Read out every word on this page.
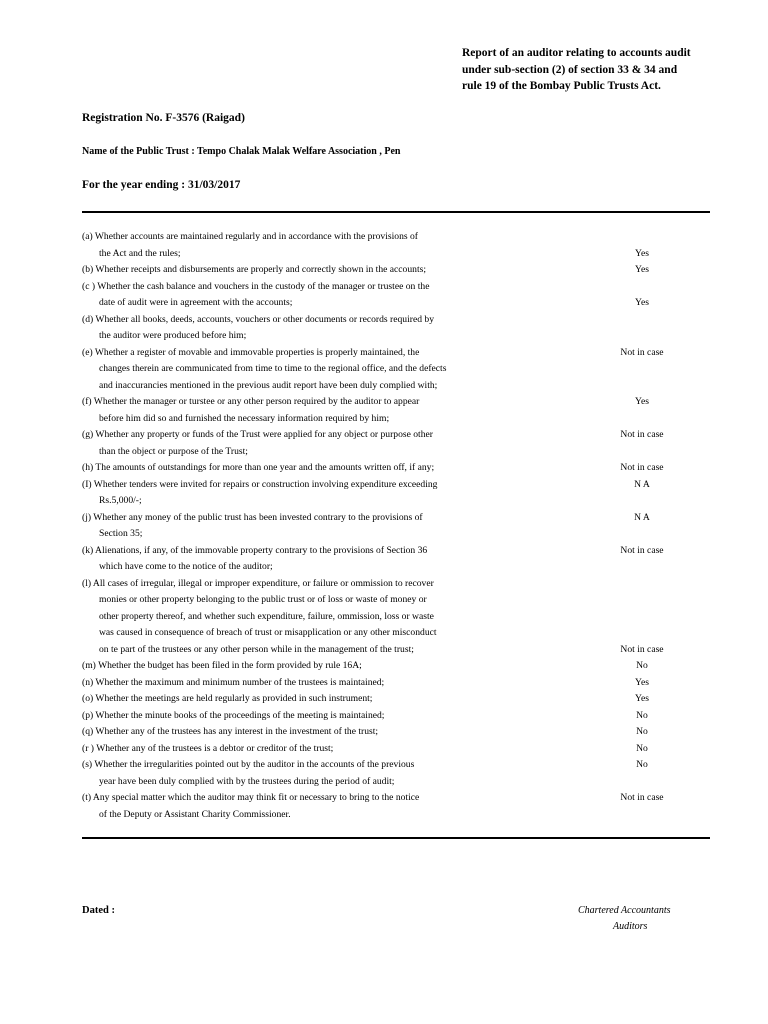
Report of an auditor relating to accounts audit
under sub-section (2) of section 33 & 34 and
rule 19 of the Bombay Public Trusts Act.
Registration No. F-3576 (Raigad)
Name of the Public Trust : Tempo Chalak Malak Welfare Association , Pen
For the year ending : 31/03/2017
(a) Whether accounts are maintained regularly and in accordance with the provisions of
the Act and the rules;	Yes
(b) Whether receipts and disbursements are properly and correctly shown in the accounts;	Yes
(c ) Whether the cash balance and vouchers in the custody of the manager or trustee on the
date of audit were in agreement with the accounts;	Yes
(d) Whether all books, deeds, accounts, vouchers or other documents or records required by
the auditor were produced before him;
(e) Whether a register of movable and immovable properties is properly maintained, the	Not in case
changes therein are communicated from time to time to the regional office, and the defects
and inaccurancies mentioned in the previous audit report have been duly complied with;
(f) Whether the manager or turstee or any other person required by the auditor to appear	Yes
before him did so and furnished the necessary information required by him;
(g) Whether any property or funds of the Trust were applied for any object or purpose other	Not in case
than the object or purpose of the Trust;
(h) The amounts of outstandings for more than one year and the amounts written off, if any;	Not in case
(I) Whether tenders were invited for repairs or construction involving expenditure exceeding	N A
Rs.5,000/-;
(j) Whether any money of the public trust has been invested contrary to the provisions of	N A
Section 35;
(k) Alienations, if any, of the immovable property contrary to the provisions of Section 36	Not in case
which have come to the notice of the auditor;
(l) All cases of irregular, illegal or improper expenditure, or failure or ommission to recover
monies or other property belonging to the public trust or of loss or waste of money or
other property thereof, and whether such expenditure, failure, ommission, loss or waste
was caused in consequence of breach of trust or misapplication or any other misconduct
on te part of the trustees or any other person while in the management of the trust;	Not in case
(m) Whether the budget has been filed in the form provided by rule 16A;	No
(n) Whether the maximum and minimum number of the trustees is maintained;	Yes
(o) Whether the meetings are held regularly as provided in such instrument;	Yes
(p) Whether the minute books of the proceedings of the meeting is maintained;	No
(q) Whether any of the trustees has any interest in the investment of the trust;	No
(r ) Whether any of the trustees is a debtor or creditor of the trust;	No
(s) Whether the irregularities pointed out by the auditor in the accounts of the previous	No
year have been duly complied with by the trustees during the period of audit;
(t) Any special matter which the auditor may think fit or necessary to bring to the notice	Not in case
of the Deputy or Assistant Charity Commissioner.
Dated :	Chartered Accountants
Auditors
